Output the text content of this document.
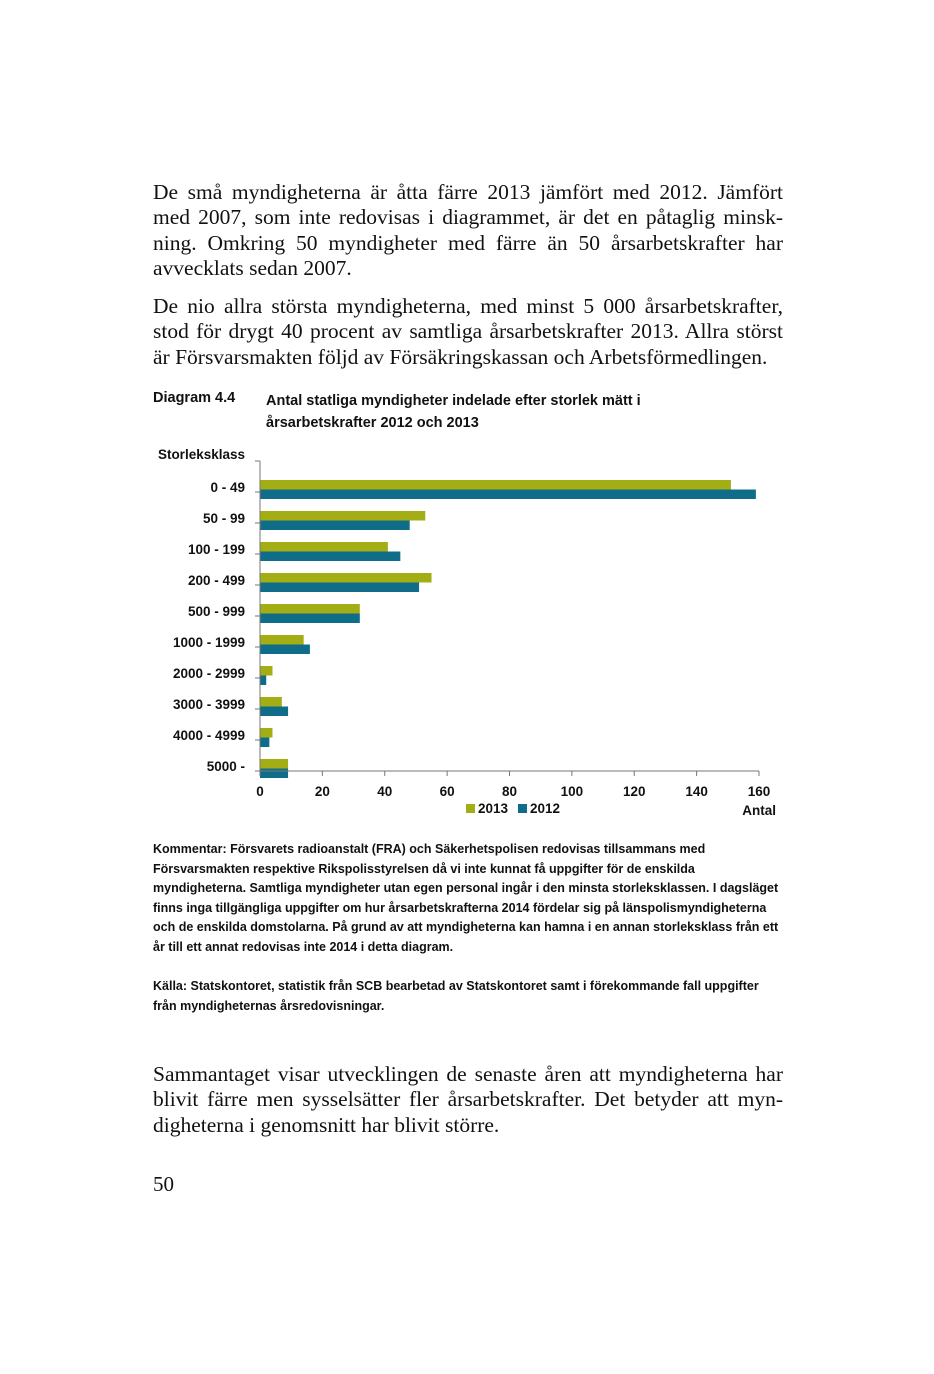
De små myndigheterna är åtta färre 2013 jämfört med 2012. Jämfört med 2007, som inte redovisas i diagrammet, är det en påtaglig minskning. Omkring 50 myndigheter med färre än 50 årsarbetskrafter har avvecklats sedan 2007.

De nio allra största myndigheterna, med minst 5 000 årsarbetskrafter, stod för drygt 40 procent av samtliga årsarbetskrafter 2013. Allra störst är Försvarsmakten följd av Försäkringskassan och Arbetsförmedlingen.

Diagram 4.4 Antal statliga myndigheter indelade efter storlek mätt i årsarbetskrafter 2012 och 2013
Storleksklass
0 - 49
50 - 99
100 - 199
200 - 499
500 - 999
1000 - 1999
2000 - 2999
3000 - 3999
4000 - 4999
5000 -
0	20	40	60	80	100	120	140	160
Antal
2013 2012
Kommentar: Försvarets radioanstalt (FRA) och Säkerhetspolisen redovisas tillsammans med Försvarsmakten respektive Rikspolisstyrelsen då vi inte kunnat få uppgifter för de enskilda myndigheterna. Samtliga myndigheter utan egen personal ingår i den minsta storleksklassen. I dagsläget finns inga tillgängliga uppgifter om hur årsarbetskrafterna 2014 fördelar sig på länspolismyndigheterna och de enskilda domstolarna. På grund av att myndigheterna kan hamna i en annan storleksklass från ett år till ett annat redovisas inte 2014 i detta diagram.
Källa: Statskontoret, statistik från SCB bearbetad av Statskontoret samt i förekommande fall uppgifter från myndigheternas årsredovisningar.

Sammantaget visar utvecklingen de senaste åren att myndigheterna har blivit färre men sysselsätter fler årsarbetskrafter. Det betyder att myndigheterna i genomsnitt har blivit större.

50
